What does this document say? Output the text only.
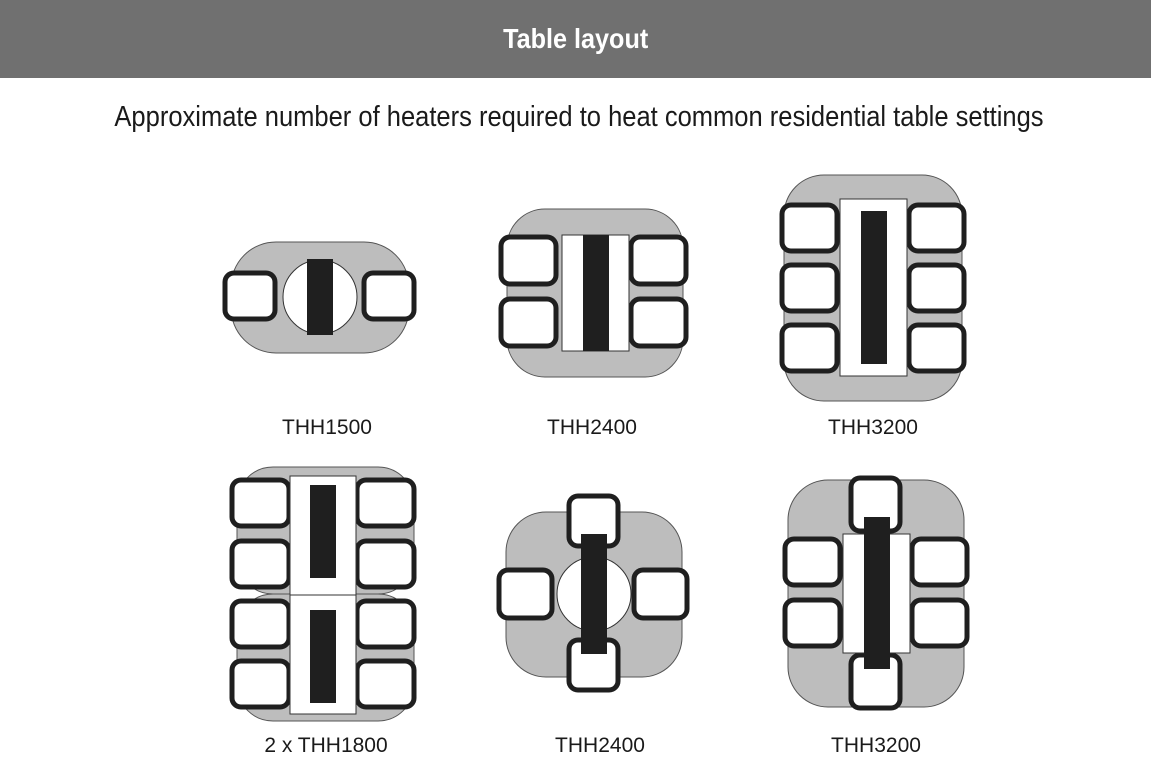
Table layout
Approximate number of heaters required to heat common residential table settings
THH1500	THH2400	THH3200
2 x THH1800	THH2400	THH3200
